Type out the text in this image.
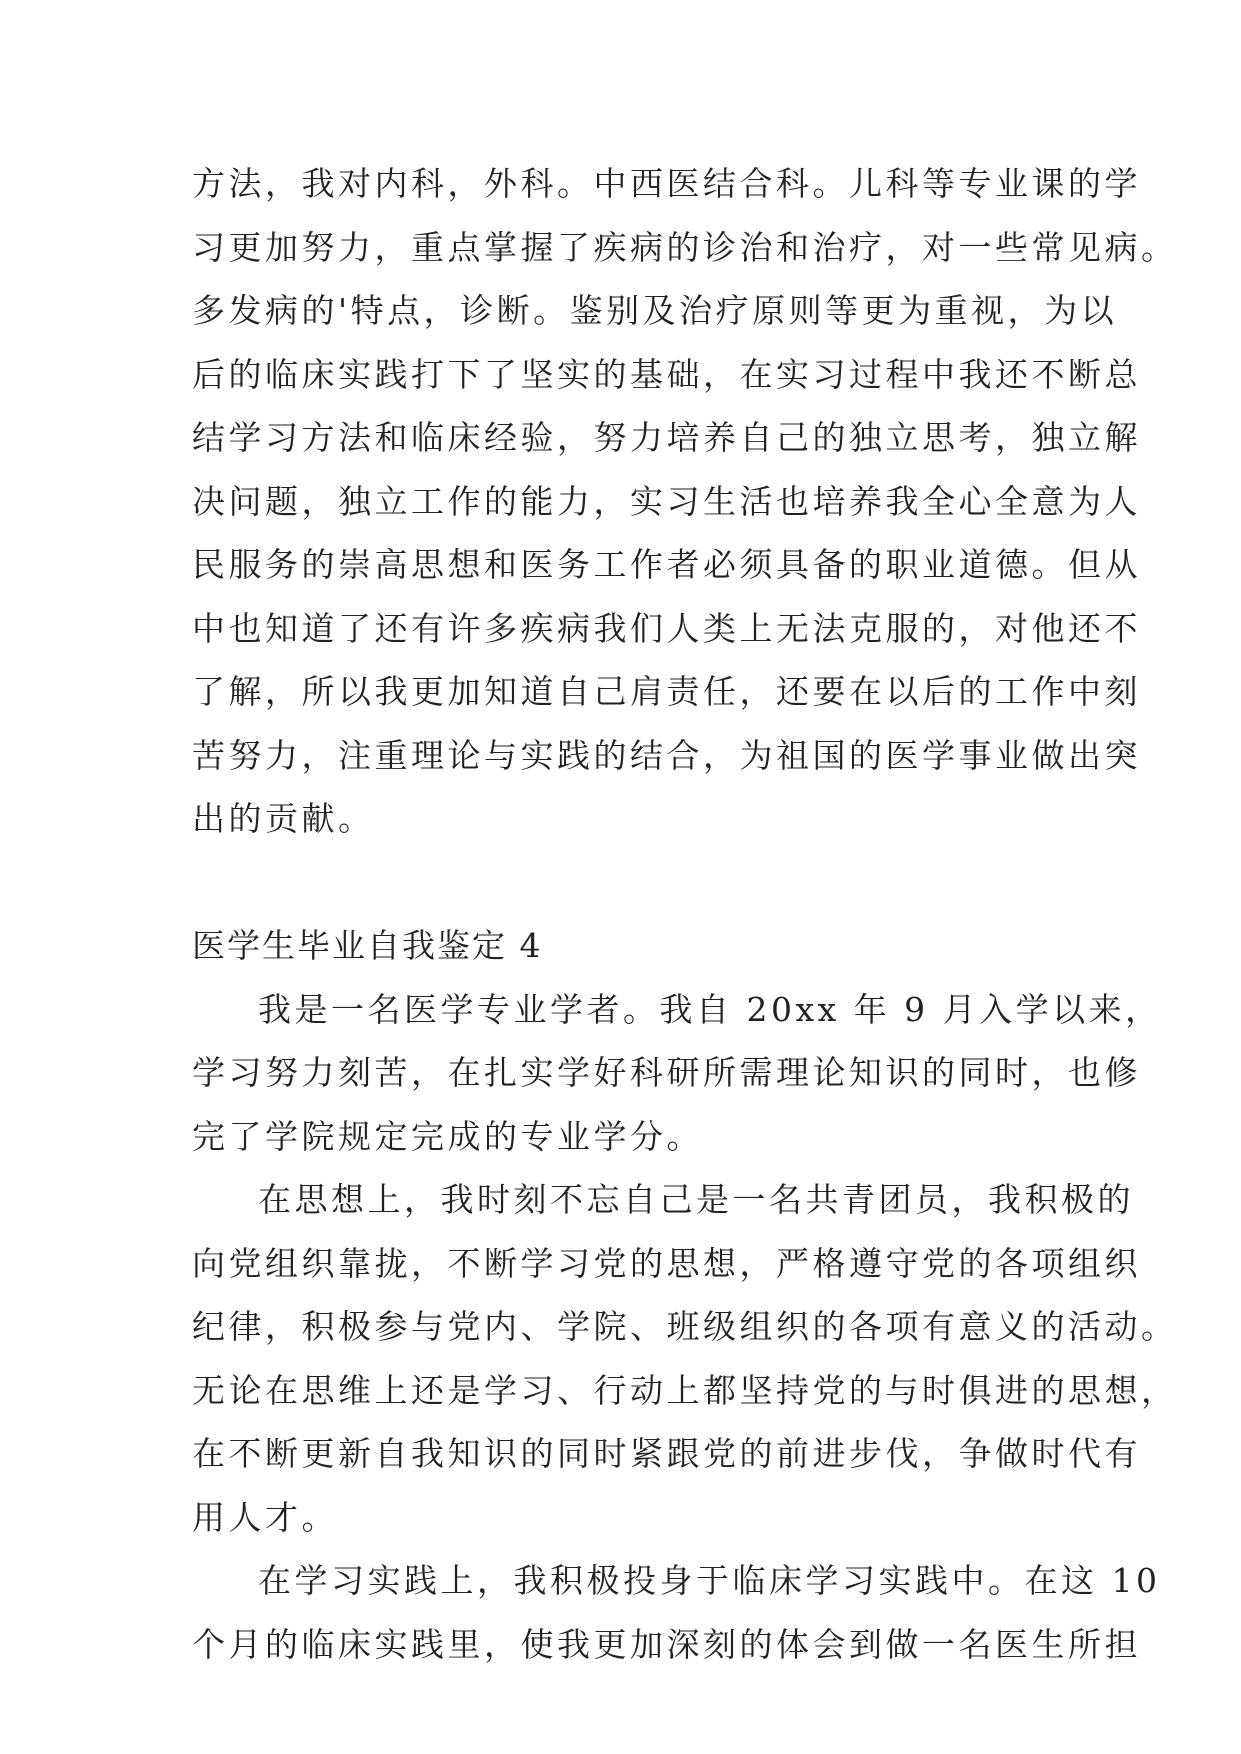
方法，我对内科，外科。中西医结合科。儿科等专业课的学
习更加努力，重点掌握了疾病的诊治和治疗，对一些常见病。
多发病的'特点，诊断。鉴别及治疗原则等更为重视，为以
后的临床实践打下了坚实的基础，在实习过程中我还不断总
结学习方法和临床经验，努力培养自己的独立思考，独立解
决问题，独立工作的能力，实习生活也培养我全心全意为人
民服务的崇高思想和医务工作者必须具备的职业道德。但从
中也知道了还有许多疾病我们人类上无法克服的，对他还不
了解，所以我更加知道自己肩责任，还要在以后的工作中刻
苦努力，注重理论与实践的结合，为祖国的医学事业做出突
出的贡献。
医学生毕业自我鉴定 4
我是一名医学专业学者。我自 20xx 年 9 月入学以来，
学习努力刻苦，在扎实学好科研所需理论知识的同时，也修
完了学院规定完成的专业学分。
在思想上，我时刻不忘自己是一名共青团员，我积极的
向党组织靠拢，不断学习党的思想，严格遵守党的各项组织
纪律，积极参与党内、学院、班级组织的各项有意义的活动。
无论在思维上还是学习、行动上都坚持党的与时俱进的思想，
在不断更新自我知识的同时紧跟党的前进步伐，争做时代有
用人才。
在学习实践上，我积极投身于临床学习实践中。在这 10
个月的临床实践里，使我更加深刻的体会到做一名医生所担
